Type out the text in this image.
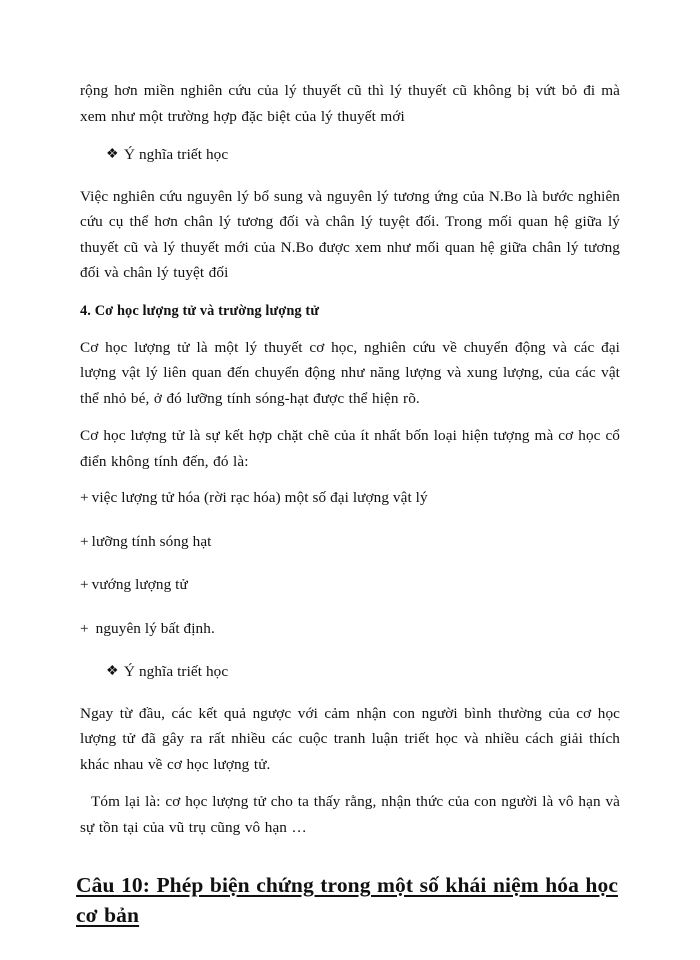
rộng hơn miền nghiên cứu của lý thuyết cũ thì lý thuyết cũ không bị vứt bỏ đi mà xem như một trường hợp đặc biệt của lý thuyết mới

❖ Ý nghĩa triết học

Việc nghiên cứu nguyên lý bổ sung và nguyên lý tương ứng của N.Bo là bước nghiên cứu cụ thể hơn chân lý tương đối và chân lý tuyệt đối. Trong mối quan hệ giữa lý thuyết cũ và lý thuyết mới của N.Bo được xem như mối quan hệ giữa chân lý tương đối và chân lý tuyệt đối

4. Cơ học lượng tử và trường lượng tử

Cơ học lượng tử là một lý thuyết cơ học, nghiên cứu về chuyển động và các đại lượng vật lý liên quan đến chuyển động như năng lượng và xung lượng, của các vật thể nhỏ bé, ở đó lưỡng tính sóng-hạt được thể hiện rõ.

Cơ học lượng tử là sự kết hợp chặt chẽ của ít nhất bốn loại hiện tượng mà cơ học cổ điển không tính đến, đó là:

+ việc lượng tử hóa (rời rạc hóa) một số đại lượng vật lý

+ lưỡng tính sóng hạt

+ vướng lượng tử

+ nguyên lý bất định.

❖ Ý nghĩa triết học

Ngay từ đầu, các kết quả ngược với cảm nhận con người bình thường của cơ học lượng tử đã gây ra rất nhiều các cuộc tranh luận triết học và nhiều cách giải thích khác nhau về cơ học lượng tử.

Tóm lại là: cơ học lượng tử cho ta thấy rằng, nhận thức của con người là vô hạn và sự tồn tại của vũ trụ cũng vô hạn …

Câu 10: Phép biện chứng trong một số khái niệm hóa học cơ bản
